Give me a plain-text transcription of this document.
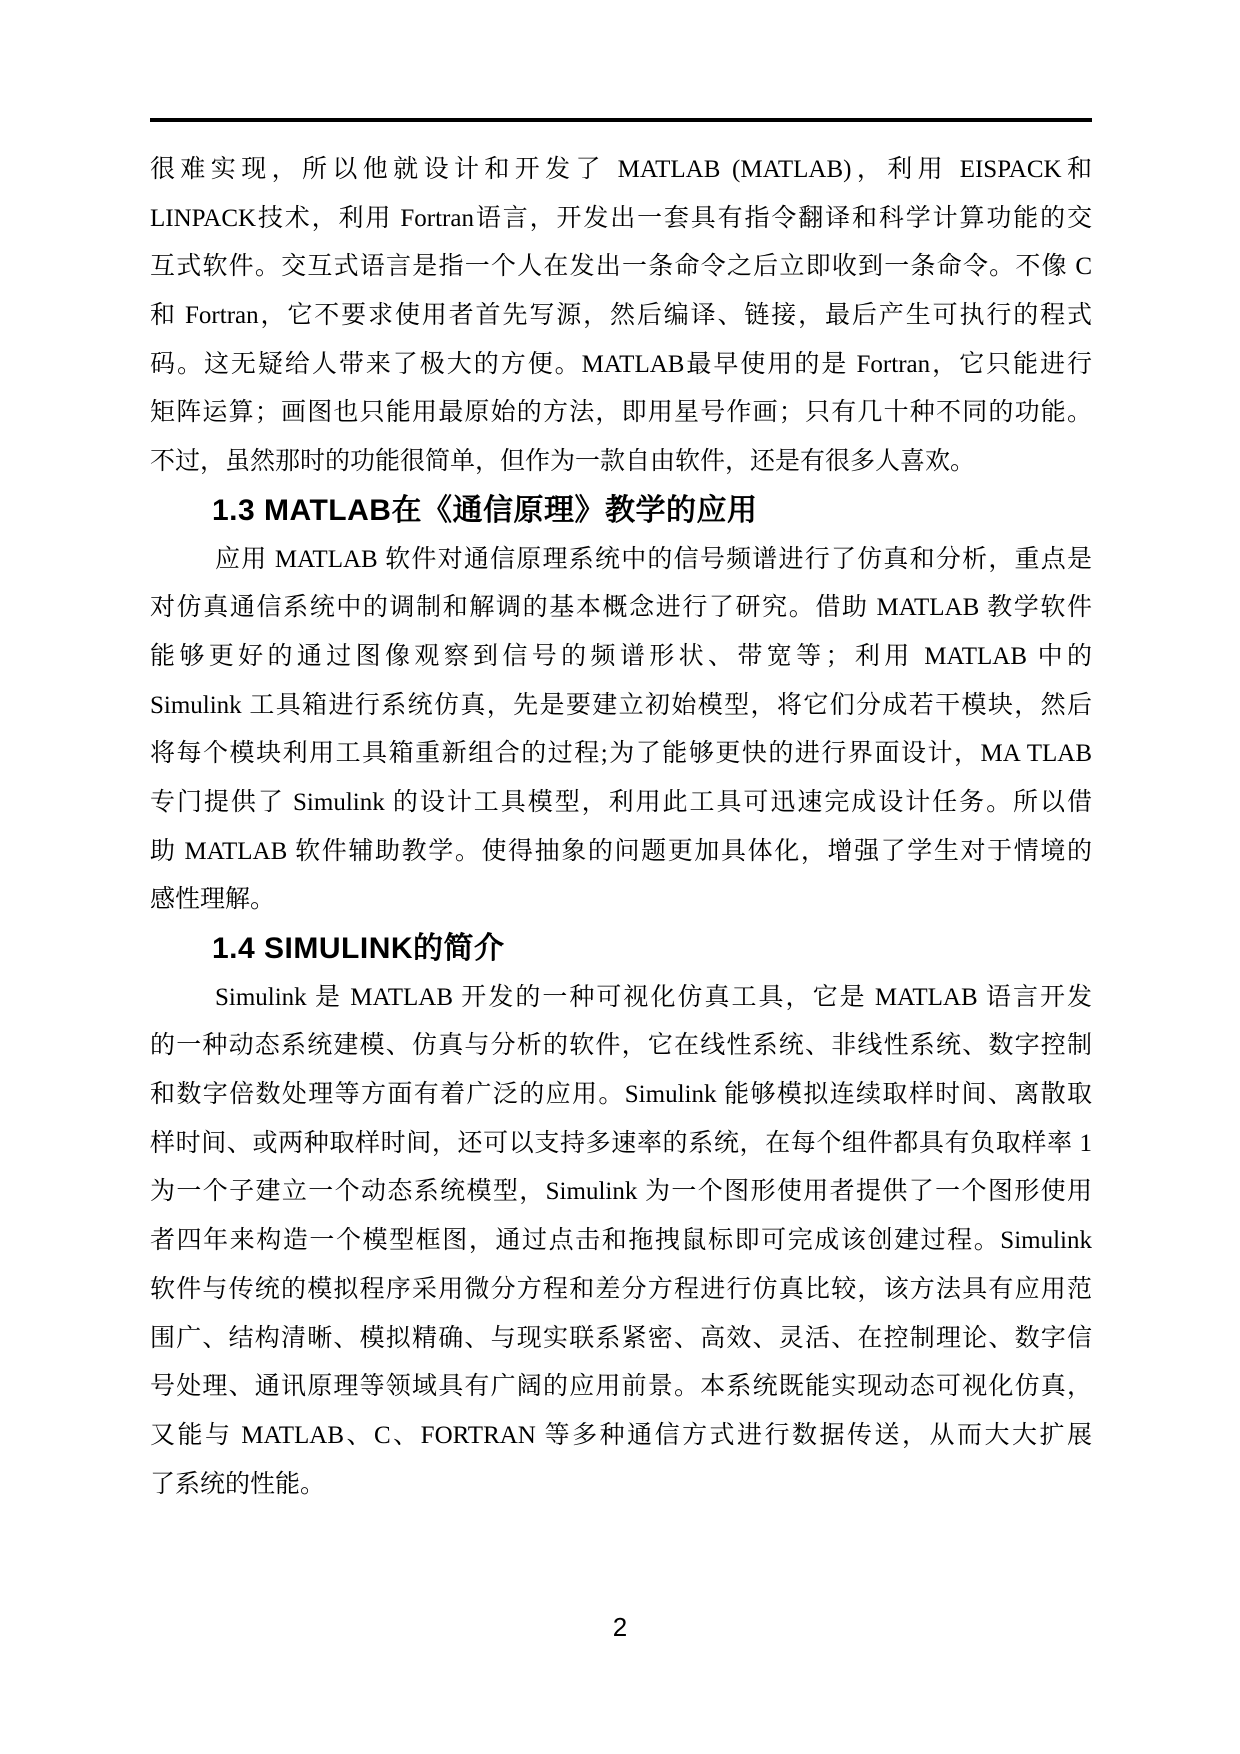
很难实现，所以他就设计和开发了 MATLAB (MATLAB)，利用 EISPACK和
LINPACK技术，利用 Fortran语言，开发出一套具有指令翻译和科学计算功能的交
互式软件。交互式语言是指一个人在发出一条命令之后立即收到一条命令。不像 C
和 Fortran，它不要求使用者首先写源，然后编译、链接，最后产生可执行的程式
码。这无疑给人带来了极大的方便。MATLAB最早使用的是 Fortran，它只能进行
矩阵运算；画图也只能用最原始的方法，即用星号作画；只有几十种不同的功能。
不过，虽然那时的功能很简单，但作为一款自由软件，还是有很多人喜欢。
1.3 MATLAB在《通信原理》教学的应用
应用 MATLAB 软件对通信原理系统中的信号频谱进行了仿真和分析，重点是
对仿真通信系统中的调制和解调的基本概念进行了研究。借助 MATLAB 教学软件
能够更好的通过图像观察到信号的频谱形状、带宽等；利用 MATLAB 中的
Simulink 工具箱进行系统仿真，先是要建立初始模型，将它们分成若干模块，然后
将每个模块利用工具箱重新组合的过程;为了能够更快的进行界面设计，MA TLAB
专门提供了 Simulink 的设计工具模型，利用此工具可迅速完成设计任务。所以借
助 MATLAB 软件辅助教学。使得抽象的问题更加具体化，增强了学生对于情境的
感性理解。
1.4 SIMULINK的简介
Simulink 是 MATLAB 开发的一种可视化仿真工具，它是 MATLAB 语言开发
的一种动态系统建模、仿真与分析的软件，它在线性系统、非线性系统、数字控制
和数字倍数处理等方面有着广泛的应用。Simulink 能够模拟连续取样时间、离散取
样时间、或两种取样时间，还可以支持多速率的系统，在每个组件都具有负取样率 1
为一个子建立一个动态系统模型，Simulink 为一个图形使用者提供了一个图形使用
者四年来构造一个模型框图，通过点击和拖拽鼠标即可完成该创建过程。Simulink
软件与传统的模拟程序采用微分方程和差分方程进行仿真比较，该方法具有应用范
围广、结构清晰、模拟精确、与现实联系紧密、高效、灵活、在控制理论、数字信
号处理、通讯原理等领域具有广阔的应用前景。本系统既能实现动态可视化仿真，
又能与 MATLAB、C、FORTRAN 等多种通信方式进行数据传送，从而大大扩展
了系统的性能。
2
